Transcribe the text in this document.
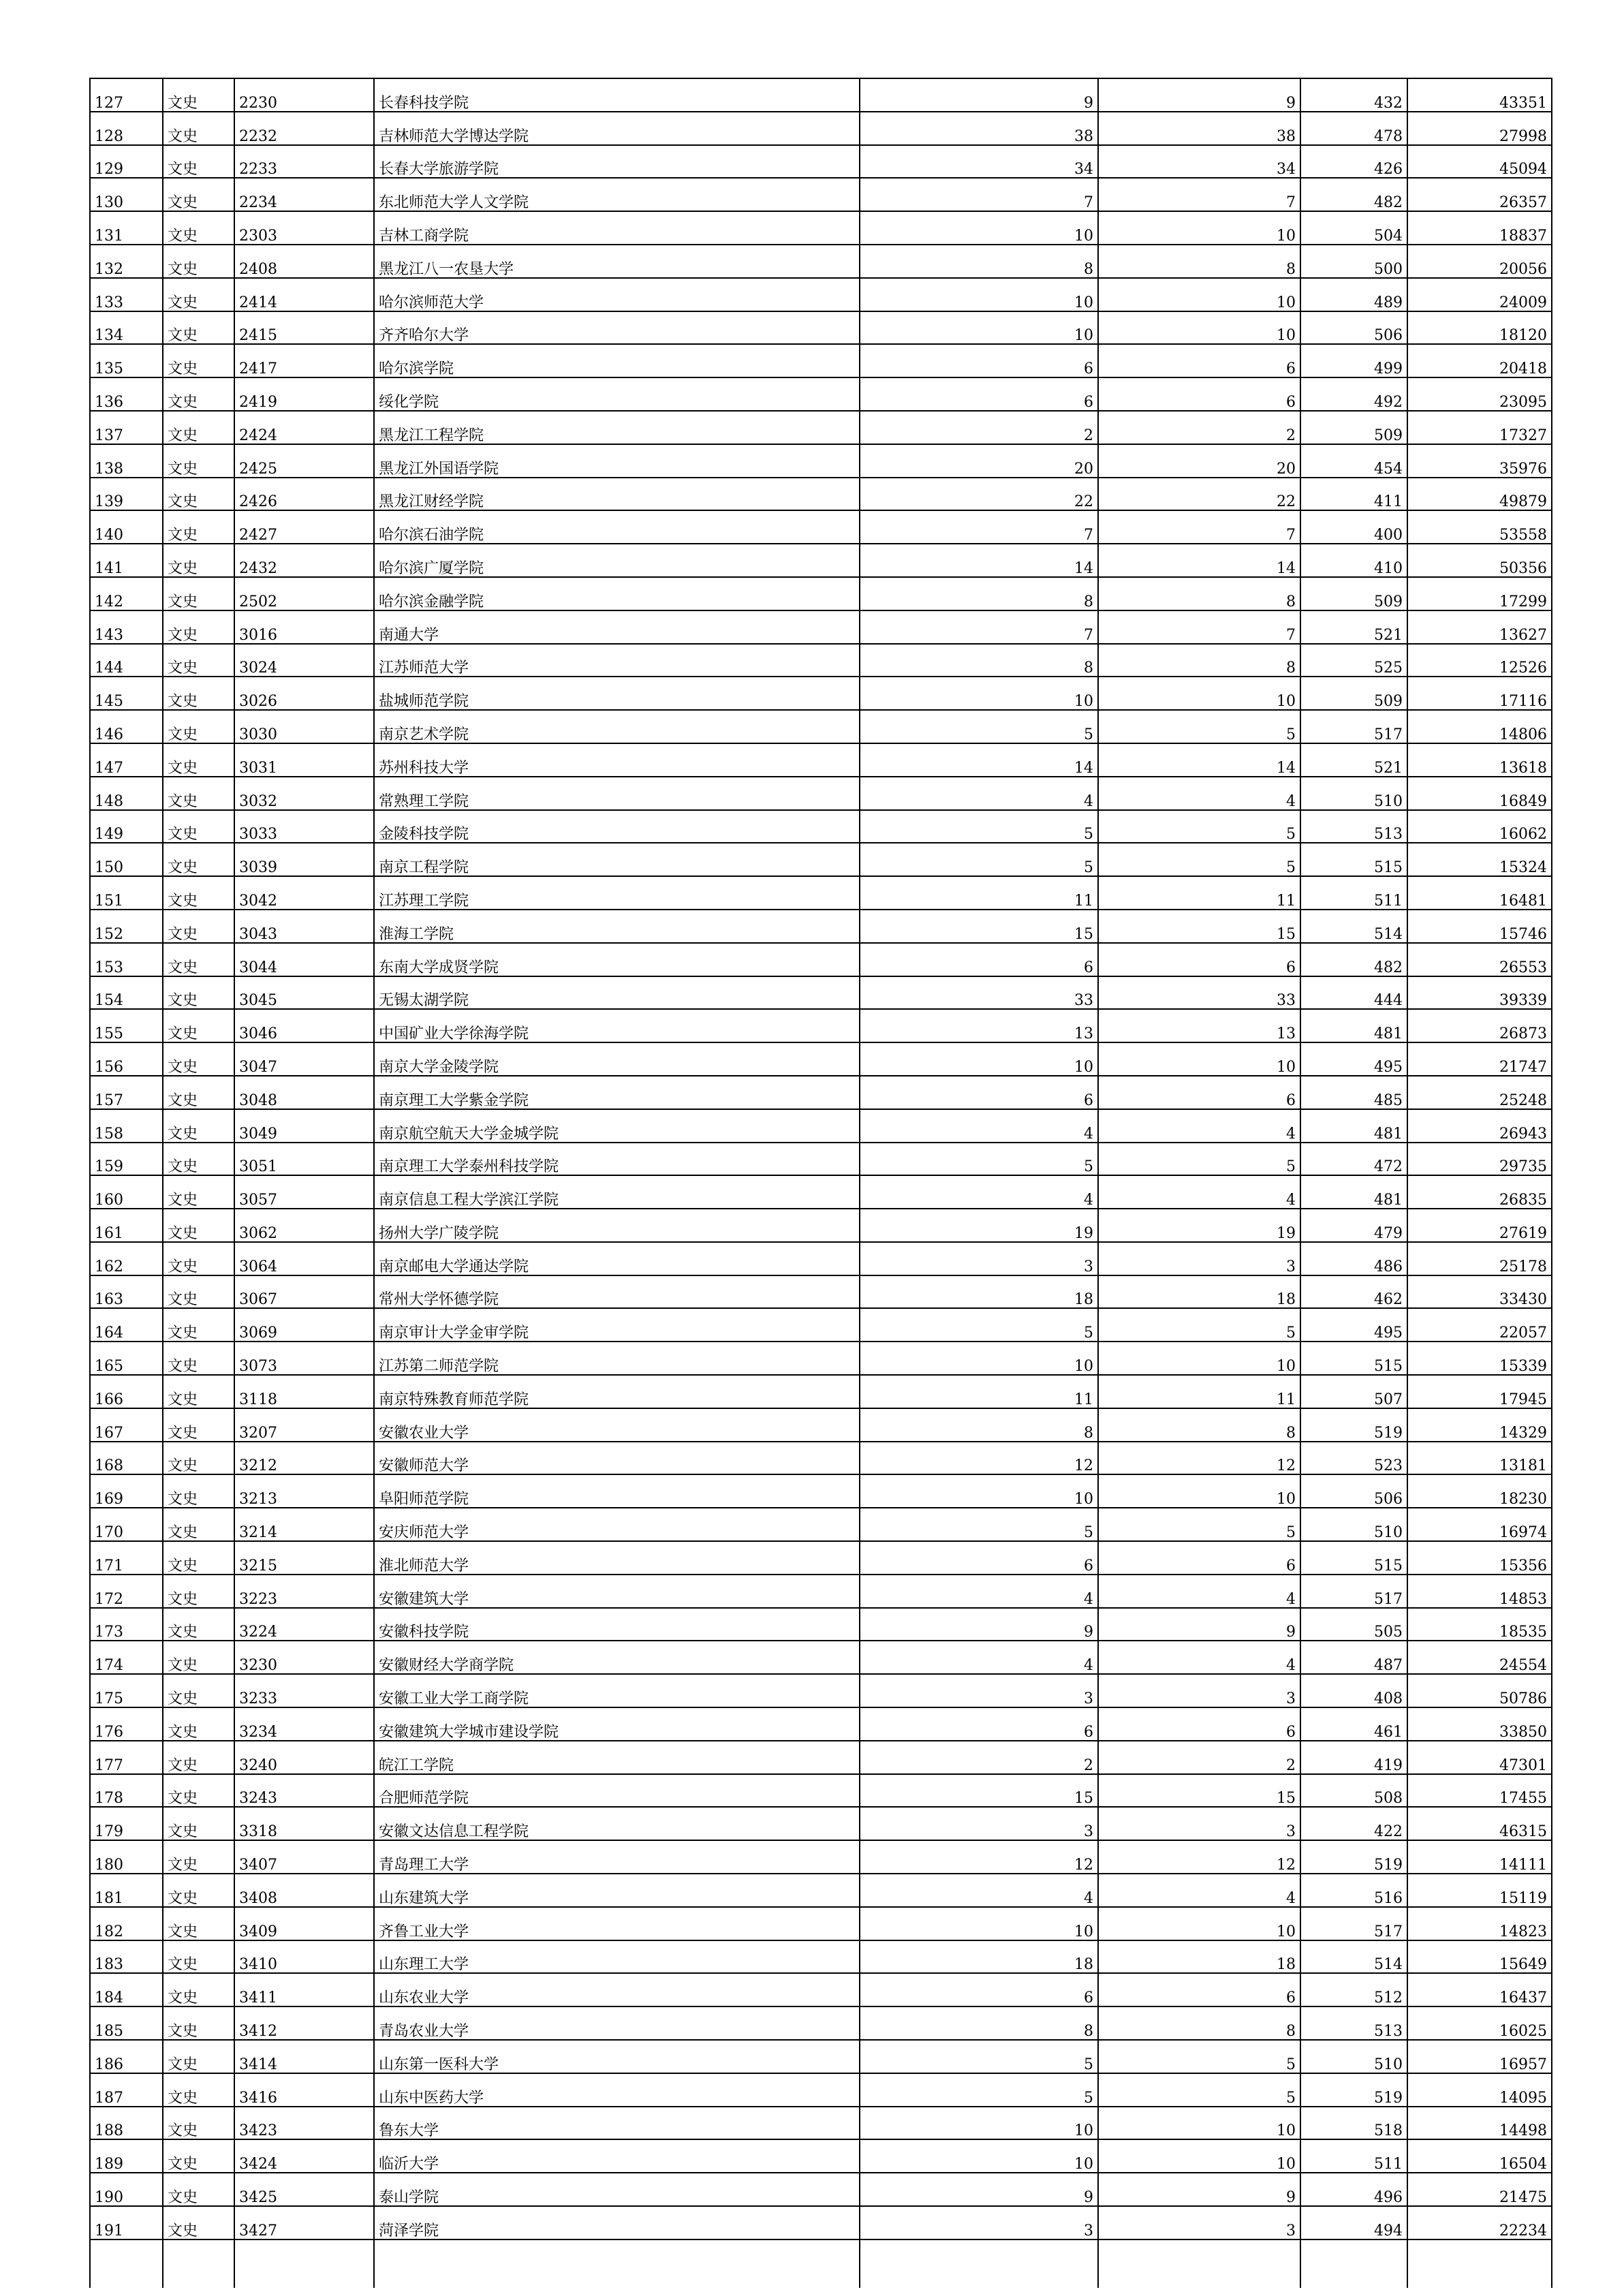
127	文史	2230	长春科技学院	9	9	432	43351
128	文史	2232	吉林师范大学博达学院	38	38	478	27998
129	文史	2233	长春大学旅游学院	34	34	426	45094
130	文史	2234	东北师范大学人文学院	7	7	482	26357
131	文史	2303	吉林工商学院	10	10	504	18837
132	文史	2408	黑龙江八一农垦大学	8	8	500	20056
133	文史	2414	哈尔滨师范大学	10	10	489	24009
134	文史	2415	齐齐哈尔大学	10	10	506	18120
135	文史	2417	哈尔滨学院	6	6	499	20418
136	文史	2419	绥化学院	6	6	492	23095
137	文史	2424	黑龙江工程学院	2	2	509	17327
138	文史	2425	黑龙江外国语学院	20	20	454	35976
139	文史	2426	黑龙江财经学院	22	22	411	49879
140	文史	2427	哈尔滨石油学院	7	7	400	53558
141	文史	2432	哈尔滨广厦学院	14	14	410	50356
142	文史	2502	哈尔滨金融学院	8	8	509	17299
143	文史	3016	南通大学	7	7	521	13627
144	文史	3024	江苏师范大学	8	8	525	12526
145	文史	3026	盐城师范学院	10	10	509	17116
146	文史	3030	南京艺术学院	5	5	517	14806
147	文史	3031	苏州科技大学	14	14	521	13618
148	文史	3032	常熟理工学院	4	4	510	16849
149	文史	3033	金陵科技学院	5	5	513	16062
150	文史	3039	南京工程学院	5	5	515	15324
151	文史	3042	江苏理工学院	11	11	511	16481
152	文史	3043	淮海工学院	15	15	514	15746
153	文史	3044	东南大学成贤学院	6	6	482	26553
154	文史	3045	无锡太湖学院	33	33	444	39339
155	文史	3046	中国矿业大学徐海学院	13	13	481	26873
156	文史	3047	南京大学金陵学院	10	10	495	21747
157	文史	3048	南京理工大学紫金学院	6	6	485	25248
158	文史	3049	南京航空航天大学金城学院	4	4	481	26943
159	文史	3051	南京理工大学泰州科技学院	5	5	472	29735
160	文史	3057	南京信息工程大学滨江学院	4	4	481	26835
161	文史	3062	扬州大学广陵学院	19	19	479	27619
162	文史	3064	南京邮电大学通达学院	3	3	486	25178
163	文史	3067	常州大学怀德学院	18	18	462	33430
164	文史	3069	南京审计大学金审学院	5	5	495	22057
165	文史	3073	江苏第二师范学院	10	10	515	15339
166	文史	3118	南京特殊教育师范学院	11	11	507	17945
167	文史	3207	安徽农业大学	8	8	519	14329
168	文史	3212	安徽师范大学	12	12	523	13181
169	文史	3213	阜阳师范学院	10	10	506	18230
170	文史	3214	安庆师范大学	5	5	510	16974
171	文史	3215	淮北师范大学	6	6	515	15356
172	文史	3223	安徽建筑大学	4	4	517	14853
173	文史	3224	安徽科技学院	9	9	505	18535
174	文史	3230	安徽财经大学商学院	4	4	487	24554
175	文史	3233	安徽工业大学工商学院	3	3	408	50786
176	文史	3234	安徽建筑大学城市建设学院	6	6	461	33850
177	文史	3240	皖江工学院	2	2	419	47301
178	文史	3243	合肥师范学院	15	15	508	17455
179	文史	3318	安徽文达信息工程学院	3	3	422	46315
180	文史	3407	青岛理工大学	12	12	519	14111
181	文史	3408	山东建筑大学	4	4	516	15119
182	文史	3409	齐鲁工业大学	10	10	517	14823
183	文史	3410	山东理工大学	18	18	514	15649
184	文史	3411	山东农业大学	6	6	512	16437
185	文史	3412	青岛农业大学	8	8	513	16025
186	文史	3414	山东第一医科大学	5	5	510	16957
187	文史	3416	山东中医药大学	5	5	519	14095
188	文史	3423	鲁东大学	10	10	518	14498
189	文史	3424	临沂大学	10	10	511	16504
190	文史	3425	泰山学院	9	9	496	21475
191	文史	3427	菏泽学院	3	3	494	22234
